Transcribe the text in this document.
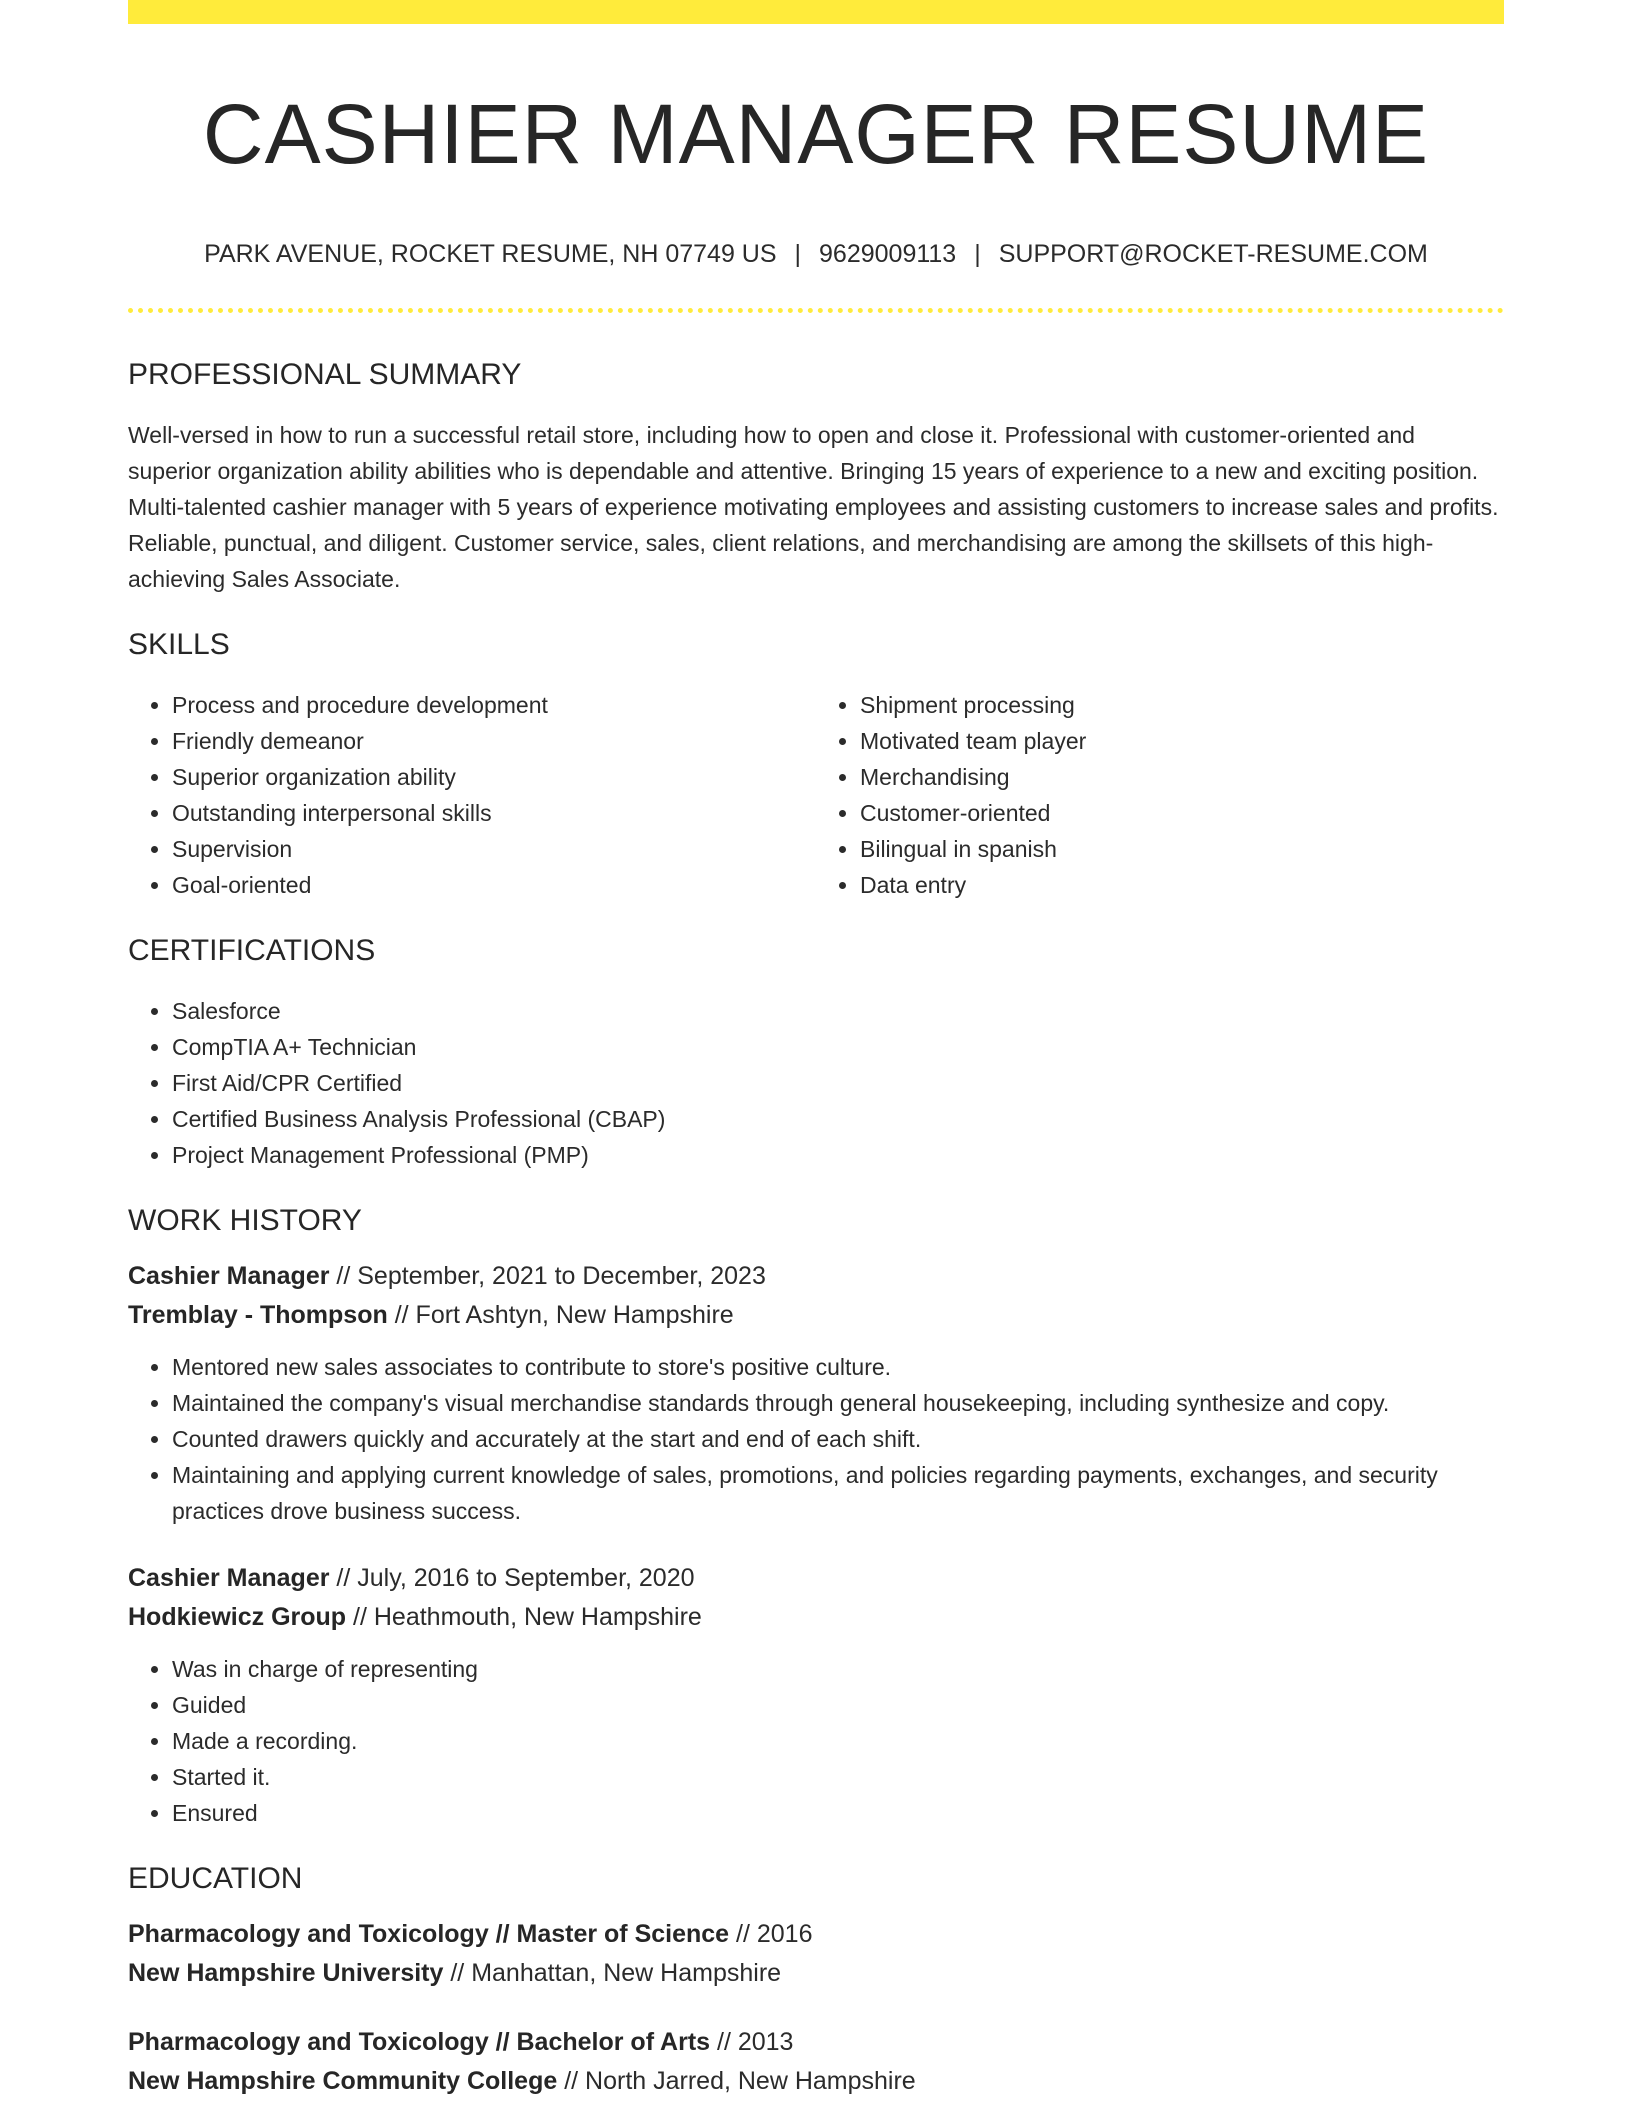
CASHIER MANAGER RESUME
PARK AVENUE, ROCKET RESUME, NH 07749 US | 9629009113 | SUPPORT@ROCKET-RESUME.COM
PROFESSIONAL SUMMARY

Well-versed in how to run a successful retail store, including how to open and close it. Professional with customer-oriented and superior organization ability abilities who is dependable and attentive. Bringing 15 years of experience to a new and exciting position. Multi-talented cashier manager with 5 years of experience motivating employees and assisting customers to increase sales and profits. Reliable, punctual, and diligent. Customer service, sales, client relations, and merchandising are among the skillsets of this high-achieving Sales Associate.

SKILLS
• Process and procedure development
• Friendly demeanor
• Superior organization ability
• Outstanding interpersonal skills
• Supervision
• Goal-oriented
• Shipment processing
• Motivated team player
• Merchandising
• Customer-oriented
• Bilingual in spanish
• Data entry
CERTIFICATIONS
• Salesforce
• CompTIA A+ Technician
• First Aid/CPR Certified
• Certified Business Analysis Professional (CBAP)
• Project Management Professional (PMP)
WORK HISTORY
Cashier Manager // September, 2021 to December, 2023
Tremblay - Thompson // Fort Ashtyn, New Hampshire
• Mentored new sales associates to contribute to store's positive culture.
• Maintained the company's visual merchandise standards through general housekeeping, including synthesize and copy.
• Counted drawers quickly and accurately at the start and end of each shift.
• Maintaining and applying current knowledge of sales, promotions, and policies regarding payments, exchanges, and security practices drove business success.
Cashier Manager // July, 2016 to September, 2020
Hodkiewicz Group // Heathmouth, New Hampshire
• Was in charge of representing
• Guided
• Made a recording.
• Started it.
• Ensured
EDUCATION
Pharmacology and Toxicology // Master of Science // 2016
New Hampshire University // Manhattan, New Hampshire
Pharmacology and Toxicology // Bachelor of Arts // 2013
New Hampshire Community College // North Jarred, New Hampshire
